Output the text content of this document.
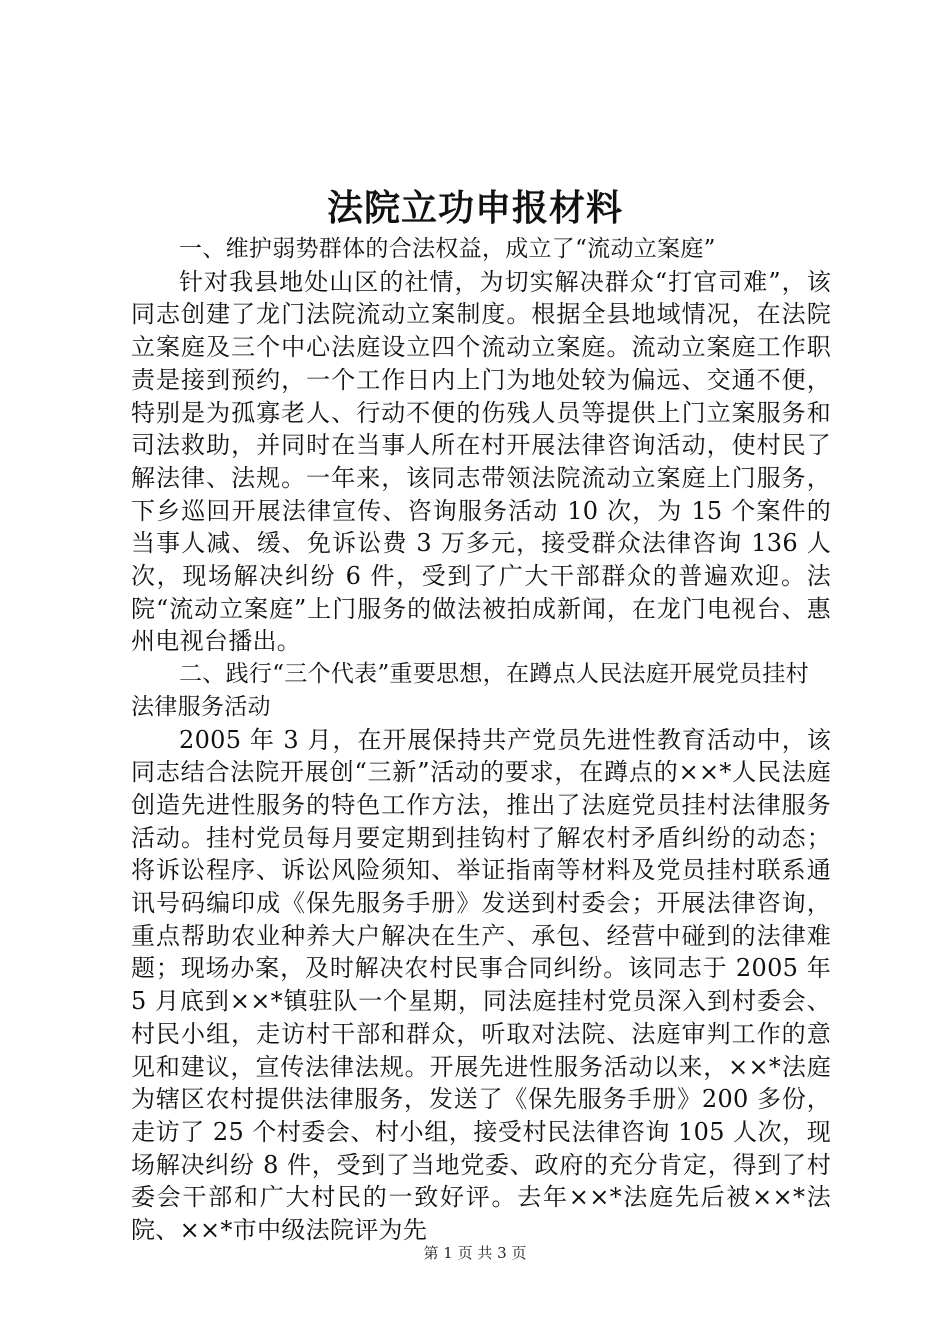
法院立功申报材料

一、维护弱势群体的合法权益，成立了“流动立案庭”

针对我县地处山区的社情，为切实解决群众“打官司难”，该同志创建了龙门法院流动立案制度。根据全县地域情况，在法院立案庭及三个中心法庭设立四个流动立案庭。流动立案庭工作职责是接到预约，一个工作日内上门为地处较为偏远、交通不便，特别是为孤寡老人、行动不便的伤残人员等提供上门立案服务和司法救助，并同时在当事人所在村开展法律咨询活动，使村民了解法律、法规。一年来，该同志带领法院流动立案庭上门服务，下乡巡回开展法律宣传、咨询服务活动 10 次，为 15 个案件的当事人减、缓、免诉讼费 3 万多元，接受群众法律咨询 136 人次，现场解决纠纷 6 件，受到了广大干部群众的普遍欢迎。法院“流动立案庭”上门服务的做法被拍成新闻，在龙门电视台、惠州电视台播出。

二、践行“三个代表”重要思想，在蹲点人民法庭开展党员挂村法律服务活动

2005 年 3 月，在开展保持共产党员先进性教育活动中，该同志结合法院开展创“三新”活动的要求，在蹲点的××*人民法庭创造先进性服务的特色工作方法，推出了法庭党员挂村法律服务活动。挂村党员每月要定期到挂钩村了解农村矛盾纠纷的动态；将诉讼程序、诉讼风险须知、举证指南等材料及党员挂村联系通讯号码编印成《保先服务手册》发送到村委会；开展法律咨询，重点帮助农业种养大户解决在生产、承包、经营中碰到的法律难题；现场办案，及时解决农村民事合同纠纷。该同志于 2005 年 5 月底到××*镇驻队一个星期，同法庭挂村党员深入到村委会、村民小组，走访村干部和群众，听取对法院、法庭审判工作的意见和建议，宣传法律法规。开展先进性服务活动以来，××*法庭为辖区农村提供法律服务，发送了《保先服务手册》200 多份，走访了 25 个村委会、村小组，接受村民法律咨询 105 人次，现场解决纠纷 8 件，受到了当地党委、政府的充分肯定，得到了村委会干部和广大村民的一致好评。去年××*法庭先后被××*法院、××*市中级法院评为先

第 1 页 共 3 页
